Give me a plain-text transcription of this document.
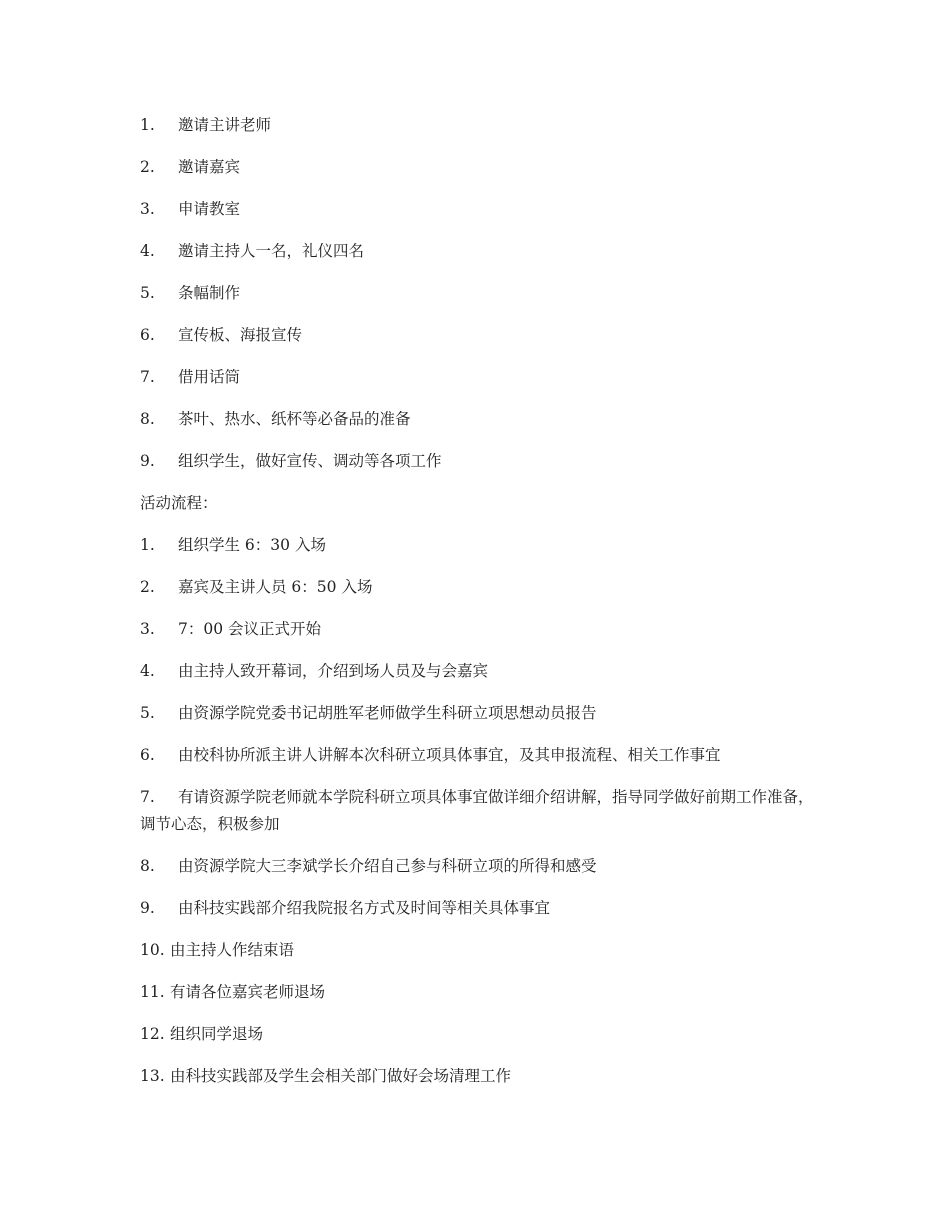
1.	邀请主讲老师
2.	邀请嘉宾
3.	申请教室
4.	邀请主持人一名，礼仪四名
5.	条幅制作
6.	宣传板、海报宣传
7.	借用话筒
8.	茶叶、热水、纸杯等必备品的准备
9.	组织学生，做好宣传、调动等各项工作
活动流程：
1.	组织学生 6：30 入场
2.	嘉宾及主讲人员 6：50 入场
3.	7：00 会议正式开始
4.	由主持人致开幕词，介绍到场人员及与会嘉宾
5.	由资源学院党委书记胡胜军老师做学生科研立项思想动员报告
6.	由校科协所派主讲人讲解本次科研立项具体事宜，及其申报流程、相关工作事宜
7. 有请资源学院老师就本学院科研立项具体事宜做详细介绍讲解，指导同学做好前期工作准备，调节心态，积极参加
8.	由资源学院大三李斌学长介绍自己参与科研立项的所得和感受
9.	由科技实践部介绍我院报名方式及时间等相关具体事宜
10. 由主持人作结束语
11. 有请各位嘉宾老师退场
12. 组织同学退场
13. 由科技实践部及学生会相关部门做好会场清理工作
